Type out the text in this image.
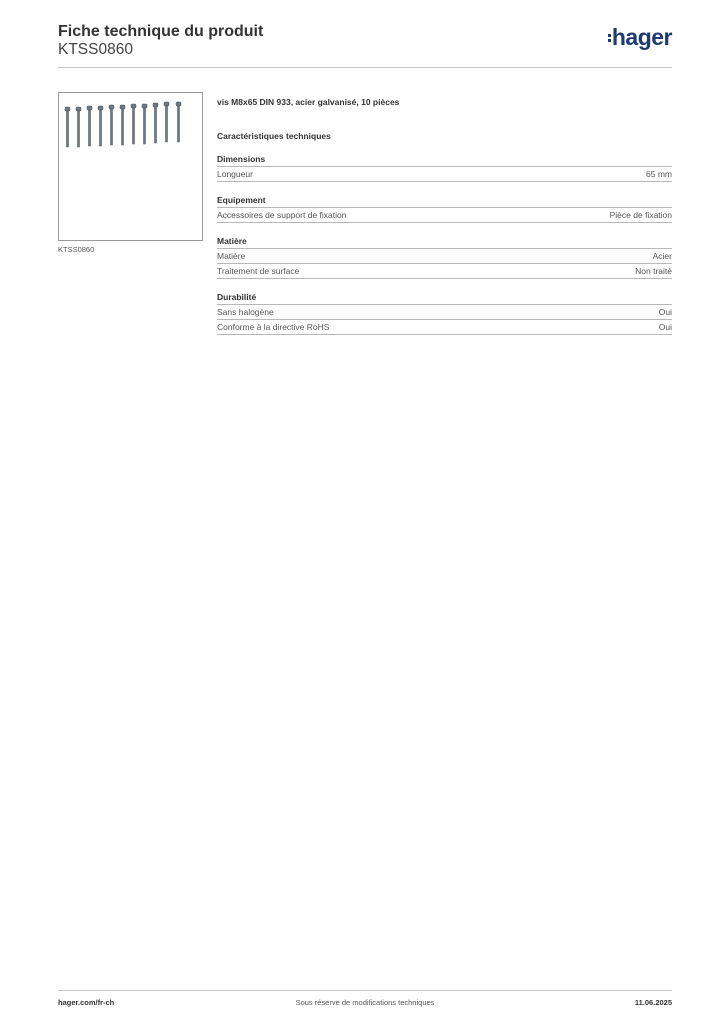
Fiche technique du produit
KTSS0860	hager
KTSS0860
vis M8x65 DIN 933, acier galvanisé, 10 pièces
Caractéristiques techniques
Dimensions
Longueur	65 mm
Equipement
Accessoires de support de fixation	Pièce de fixation
Matière
Matière	Acier
Traitement de surface	Non traité
Durabilité
Sans halogène	Oui
Conforme à la directive RoHS	Oui
hager.com/fr-ch	Sous réserve de modifications techniques	11.06.2025
